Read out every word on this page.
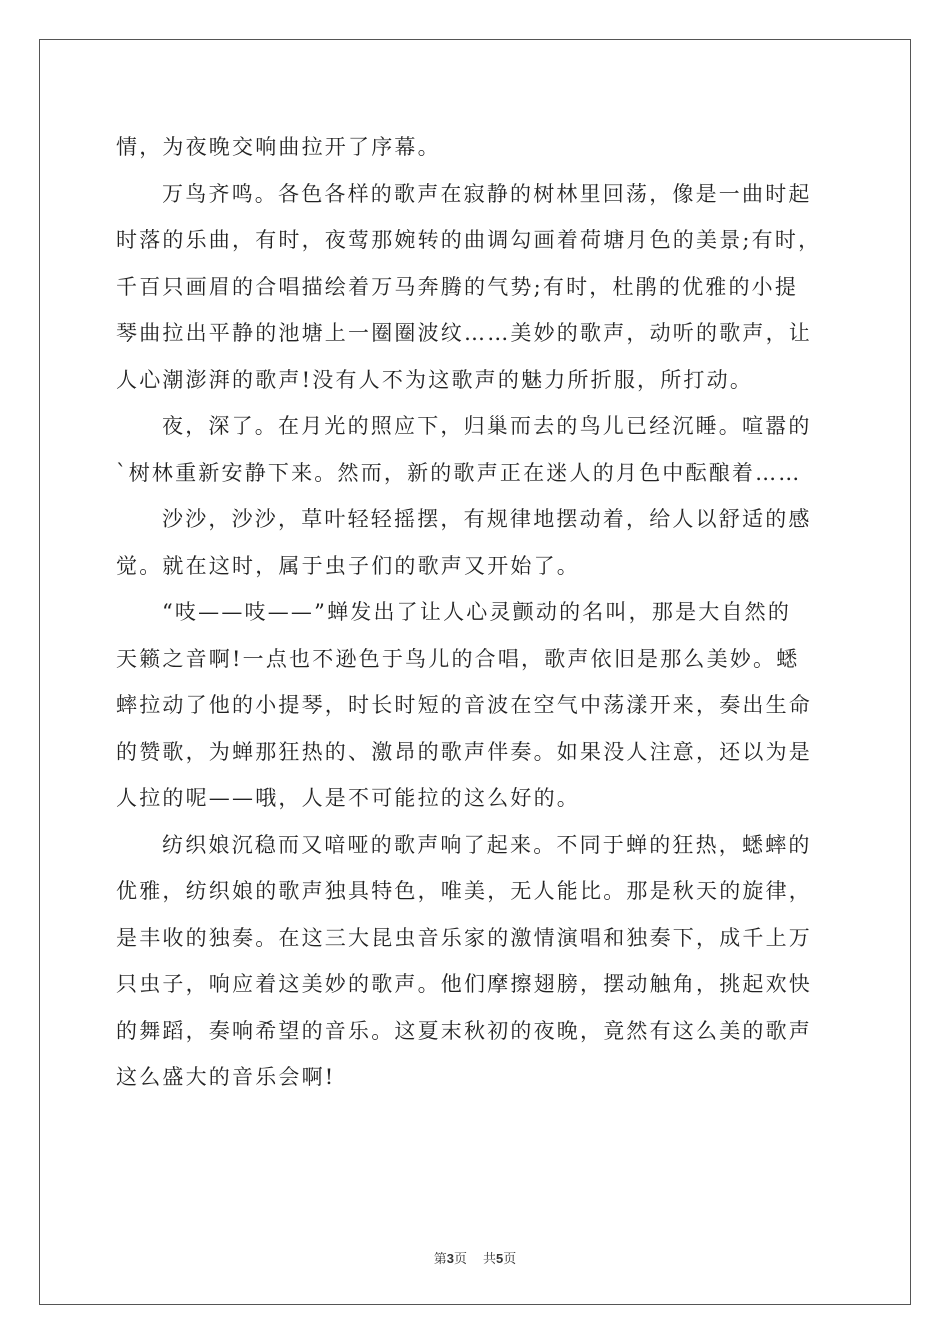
情，为夜晚交响曲拉开了序幕。
万鸟齐鸣。各色各样的歌声在寂静的树林里回荡，像是一曲时起
时落的乐曲，有时，夜莺那婉转的曲调勾画着荷塘月色的美景;有时，
千百只画眉的合唱描绘着万马奔腾的气势;有时，杜鹃的优雅的小提
琴曲拉出平静的池塘上一圈圈波纹……美妙的歌声，动听的歌声，让
人心潮澎湃的歌声!没有人不为这歌声的魅力所折服，所打动。
夜，深了。在月光的照应下，归巢而去的鸟儿已经沉睡。喧嚣的
`树林重新安静下来。然而，新的歌声正在迷人的月色中酝酿着……
沙沙，沙沙，草叶轻轻摇摆，有规律地摆动着，给人以舒适的感
觉。就在这时，属于虫子们的歌声又开始了。
“吱——吱——”蝉发出了让人心灵颤动的名叫，那是大自然的
天籁之音啊!一点也不逊色于鸟儿的合唱，歌声依旧是那么美妙。蟋
蟀拉动了他的小提琴，时长时短的音波在空气中荡漾开来，奏出生命
的赞歌，为蝉那狂热的、激昂的歌声伴奏。如果没人注意，还以为是
人拉的呢——哦，人是不可能拉的这么好的。
纺织娘沉稳而又喑哑的歌声响了起来。不同于蝉的狂热，蟋蟀的
优雅，纺织娘的歌声独具特色，唯美，无人能比。那是秋天的旋律，
是丰收的独奏。在这三大昆虫音乐家的激情演唱和独奏下，成千上万
只虫子，响应着这美妙的歌声。他们摩擦翅膀，摆动触角，挑起欢快
的舞蹈，奏响希望的音乐。这夏末秋初的夜晚，竟然有这么美的歌声
这么盛大的音乐会啊!
第3页 共5页
